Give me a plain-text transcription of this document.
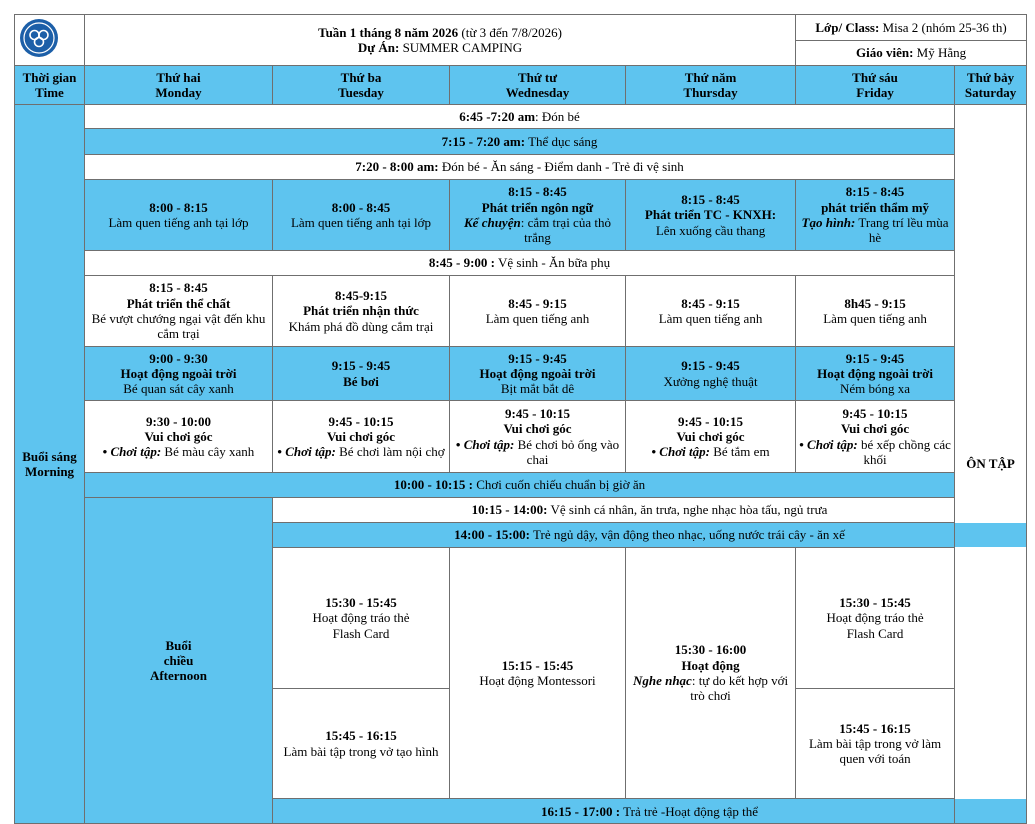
Tuần 1 tháng 8 năm 2026 (từ 3 đến 7/8/2026)
Dự Án: SUMMER CAMPING				Lớp/ Class: Misa 2 (nhóm 25-36 th)		
					Giáo viên: Mỹ Hằng		

Thời gian
Time	Thứ hai
Monday	Thứ ba
Tuesday	Thứ tư
Wednesday	Thứ năm
Thursday	Thứ sáu
Friday	Thứ bảy
Saturday	

Buổi sáng
Morning	6:45 -7:20 am: Đón bé					ÔN TẬP	
	7:15 - 7:20 am: Thể dục sáng						
	7:20 - 8:00 am: Đón bé - Ăn sáng - Điểm danh - Trẻ đi vệ sinh						

	8:00 - 8:15
Làm quen tiếng anh tại lớp	8:00 - 8:45
Làm quen tiếng anh tại lớp	8:15 - 8:45
Phát triển ngôn ngữ
Kể chuyện: cắm trại của thỏ trắng	8:15 - 8:45
Phát triển TC - KNXH:
Lên xuống cầu thang	8:15 - 8:45
phát triển thẩm mỹ
Tạo hình: Trang trí lều mùa hè		

	8:45 - 9:00 : Vệ sinh - Ăn bữa phụ						

	8:15 - 8:45
Phát triển thể chất
Bé vượt chướng ngại vật đến khu cắm trại	8:45-9:15
Phát triển nhận thức
Khám phá đồ dùng cắm trại	8:45 - 9:15
Làm quen tiếng anh	8:45 - 9:15
Làm quen tiếng anh	8h45 - 9:15
Làm quen tiếng anh		

	9:00 - 9:30
Hoạt động ngoài trời
Bé quan sát cây xanh	9:15 - 9:45
Bé bơi	9:15 - 9:45
Hoạt động ngoài trời
Bịt mắt bắt dê	9:15 - 9:45
Xưởng nghệ thuật	9:15 - 9:45
Hoạt động ngoài trời
Ném bóng xa		

	9:30 - 10:00
Vui chơi góc
• Chơi tập: Bé màu cây xanh	9:45 - 10:15
Vui chơi góc
• Chơi tập: Bé chơi làm nội chợ	9:45 - 10:15
Vui chơi góc
• Chơi tập: Bé chơi bỏ ống vào chai	9:45 - 10:15
Vui chơi góc
• Chơi tập: Bé tắm em	9:45 - 10:15
Vui chơi góc
• Chơi tập: bé xếp chồng các khối		

	10:00 - 10:15 : Chơi cuốn chiếu chuẩn bị giờ ăn						

	Buổi
chiều
Afternoon	10:15 - 14:00: Vệ sinh cá nhân, ăn trưa, nghe nhạc hòa tấu, ngủ trưa	
		14:00 - 15:00: Trẻ ngủ dậy, vận động theo nhạc, uống nước trái cây - ăn xế					

		15:30 - 15:45
Hoạt động tráo thẻ
Flash Card	15:15 - 15:45
Hoạt động Montessori	15:30 - 16:00
Hoạt động
Nghe nhạc: tự do kết hợp với trò chơi	15:30 - 15:45
Hoạt động tráo thẻ
Flash Card

		15:45 - 16:15
Làm bài tập trong vở tạo hình			15:45 - 16:15
Làm bài tập trong vở làm quen với toán

		16:15 - 17:00 : Trả trẻ -Hoạt động tập thể					
